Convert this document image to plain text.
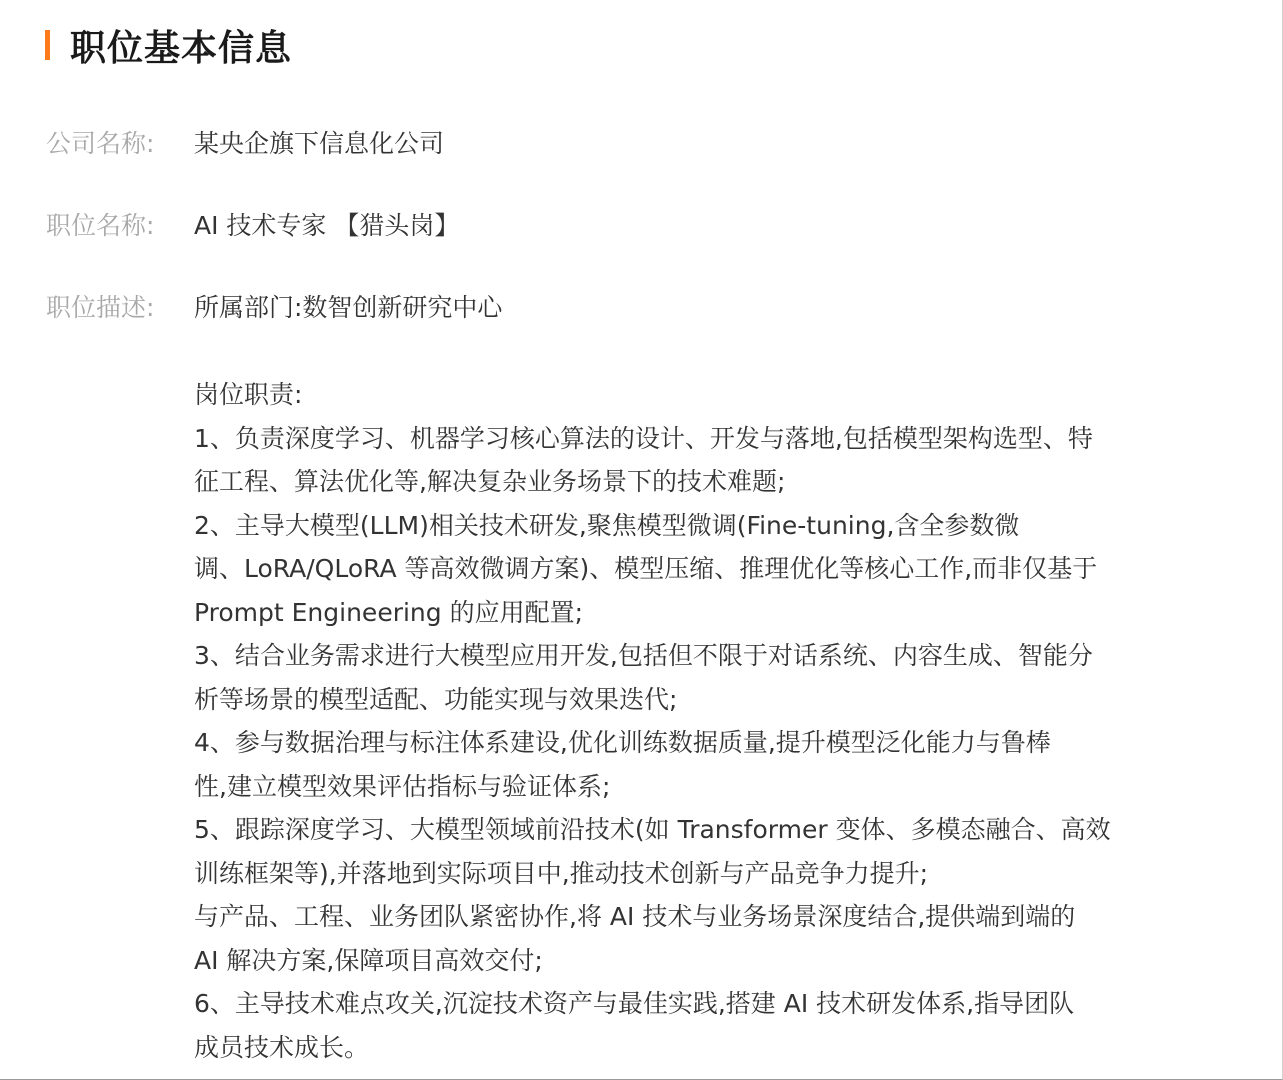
职位基本信息
公司名称:	某央企旗下信息化公司
职位名称:	AI 技术专家 【猎头岗】
职位描述:	所属部门:数智创新研究中心
岗位职责:
1、负责深度学习、机器学习核心算法的设计、开发与落地,包括模型架构选型、特
征工程、算法优化等,解决复杂业务场景下的技术难题;
2、主导大模型(LLM)相关技术研发,聚焦模型微调(Fine-tuning,含全参数微
调、LoRA/QLoRA 等高效微调方案)、模型压缩、推理优化等核心工作,而非仅基于
Prompt Engineering 的应用配置;
3、结合业务需求进行大模型应用开发,包括但不限于对话系统、内容生成、智能分
析等场景的模型适配、功能实现与效果迭代;
4、参与数据治理与标注体系建设,优化训练数据质量,提升模型泛化能力与鲁棒
性,建立模型效果评估指标与验证体系;
5、跟踪深度学习、大模型领域前沿技术(如 Transformer 变体、多模态融合、高效
训练框架等),并落地到实际项目中,推动技术创新与产品竞争力提升;
与产品、工程、业务团队紧密协作,将 AI 技术与业务场景深度结合,提供端到端的
AI 解决方案,保障项目高效交付;
6、主导技术难点攻关,沉淀技术资产与最佳实践,搭建 AI 技术研发体系,指导团队
成员技术成长。
